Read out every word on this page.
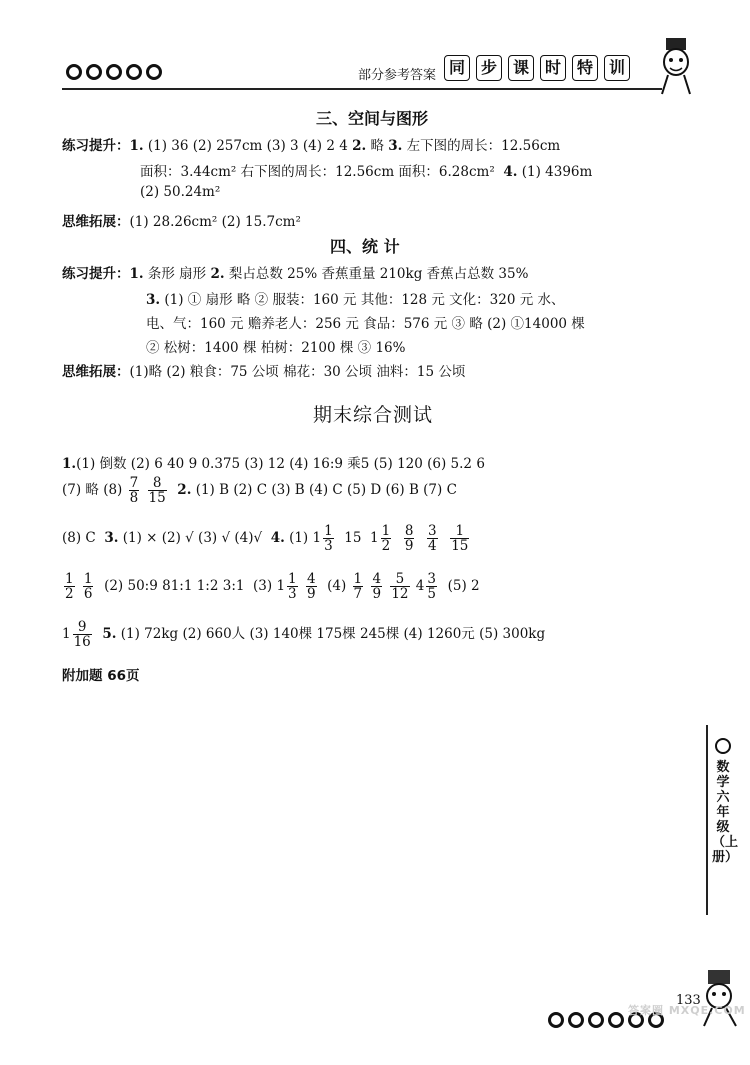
部分参考答案 同 步 课 时 特 训
三、空间与图形
练习提升：1. (1) 36 (2) 257cm (3) 3 (4) 2 4 2. 略 3. 左下图的周长：12.56cm
面积：3.44cm² 右下图的周长：12.56cm 面积：6.28cm² 4. (1) 4396m
(2) 50.24m²
思维拓展：(1) 28.26cm² (2) 15.7cm²
四、统 计
练习提升：1. 条形 扇形 2. 梨占总数 25% 香蕉重量 210kg 香蕉占总数 35%
3. (1) ① 扇形 略 ② 服装：160 元 其他：128 元 文化：320 元 水、
电、气：160 元 赡养老人：256 元 食品：576 元 ③ 略 (2) ①14000 棵
② 松树：1400 棵 柏树：2100 棵 ③ 16%
思维拓展：(1)略 (2) 粮食：75 公顷 棉花：30 公顷 油料：15 公顷
期末综合测试
1.(1) 倒数 (2) 6 40 9 0.375 (3) 12 (4) 16:9 乘5 (5) 120 (6) 5.2 6
(7) 略 $(8) \frac{7}{8}$
$\frac{8}{15} 2$. (1) B (2) C (3) B (4) C (5) D (6) B (7) C
(8) C 3. (1) × (2) √ (3) √ (4)√ 4. (1) $1 \frac{1}{3} 15$  $1 \frac{1}{2}$
$\frac{8}{9}$
$\frac{3}{4}$
$\frac{1}{15}$
$\frac{1}{2}$
$\frac{1}{6} (2)$ 50:9 81:1 1:2 3:1  (3) $1 \frac{1}{3}$
$\frac{4}{9} (4) \frac{1}{7}$
$\frac{4}{9}$
$\frac{5}{12} 4 \frac{3}{5} (5)$ 2
$1 \frac{9}{16} 5$. (1) 72kg (2) 660人 (3) 140棵 175棵 245棵 (4) 1260元 (5) 300kg
附加题 66页
数学 六年级（上册）
133
答案圈 MXQE.COM
